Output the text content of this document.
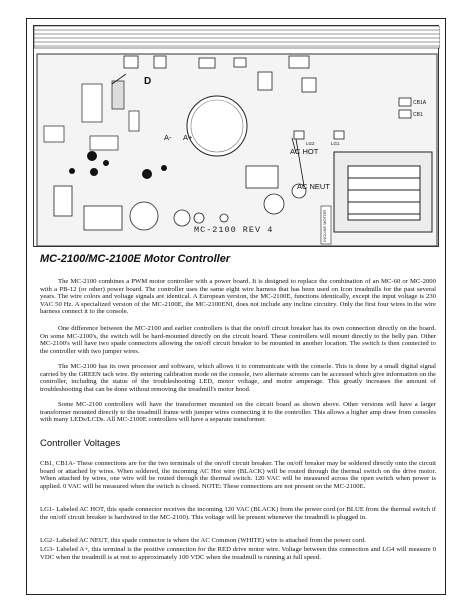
D
A- A+
AC HOT
AC NEUT
MC-2100 REV 4
CB1A
CB1
LG1
LG2
INCLINE MOTOR
MC-2100/MC-2100E Motor Controller

The MC-2100 combines a PWM motor controller with a power board. It is designed to replace the combination of an MC-60 or MC-2000 with a PB-12 (or other) power board. The controller uses the same eight wire harness that has been used on Icon treadmills for the past several years. The wire colors and voltage signals are identical. A European version, the MC-2100E, functions identically, except the input voltage is 230 VAC 50 Hz. A specialized version of the MC-2100E, the MC-2100ENI, does not include any incline circuitry. Only the first four wires in the wire harness connect it to the console.

One difference between the MC-2100 and earlier controllers is that the on/off circuit breaker has its own connection directly on the board. On some MC-2100's, the switch will be hard-mounted directly on the circuit board. These controllers will mount directly to the belly pan. Other MC-2100's will have two spade connectors allowing the on/off circuit breaker to be mounted in another location. The switch is then connected to the controller with two jumper wires.

The MC-2100 has its own processor and software, which allows it to communicate with the console. This is done by a small digital signal carried by the GREEN tach wire. By entering calibration mode on the console, two alternate screens can be accessed which give information on the controller, including the status of the troubleshooting LED, motor voltage, and motor amperage. This greatly increases the amount of troubleshooting that can be done without removing the treadmill's motor hood.

Some MC-2100 controllers will have the transformer mounted on the circuit board as shown above. Other versions will have a larger transformer mounted directly to the treadmill frame with jumper wires connecting it to the controller. This allows a higher amp draw from consoles with many LEDs/LCDs. All MC-2100E controllers will have a separate transformer.

Controller Voltages
CB1, CB1A- These connections are for the two terminals of the on/off circuit breaker. The on/off breaker may be soldered directly onto the circuit board or attached by wires. When soldered, the incoming AC Hot wire (BLACK) will be routed through the thermal switch on the drive motor. When attached by wires, one wire will be routed through the thermal switch. 120 VAC will be measured across the open switch when power is applied. 0 VAC will be measured when the switch is closed. NOTE: These connections are not present on the MC-2100E.
LG1- Labeled AC HOT, this spade connector receives the incoming 120 VAC (BLACK) from the power cord (or BLUE from the thermal switch if the on/off circuit breaker is hardwired to the MC-2100). This voltage will be present whenever the treadmill is plugged in.
LG2- Labeled AC NEUT, this spade connector is where the AC Common (WHITE) wire is attached from the power cord.
LG3- Labeled A+, this terminal is the positive connection for the RED drive motor wire. Voltage between this connection and LG4 will measure 0 VDC when the treadmill is at rest to approximately 100 VDC when the treadmill is running at full speed.
